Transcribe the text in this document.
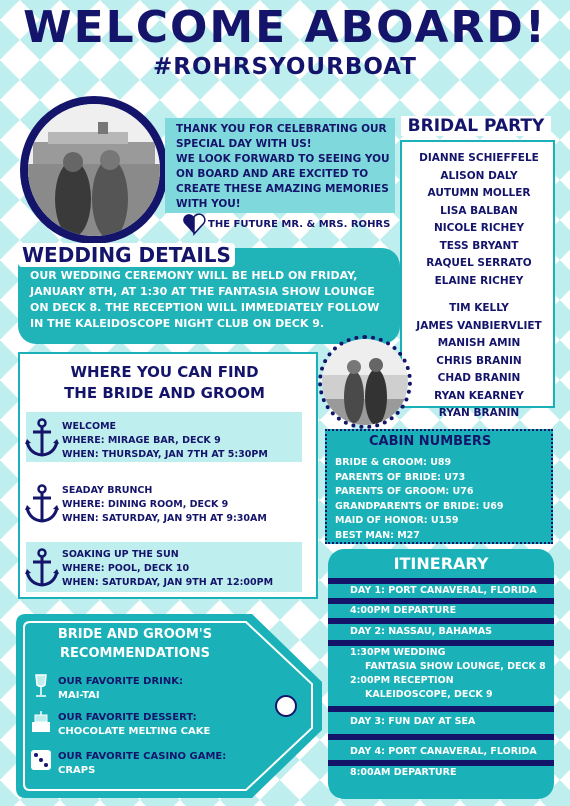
WELCOME ABOARD!
#ROHRSYOURBOAT
THANK YOU FOR CELEBRATING OUR
SPECIAL DAY WITH US!
WE LOOK FORWARD TO SEEING YOU
ON BOARD AND ARE EXCITED TO
CREATE THESE AMAZING MEMORIES
WITH YOU!
THE FUTURE MR. & MRS. ROHRS
WEDDING DETAILS
OUR WEDDING CEREMONY WILL BE HELD ON FRIDAY,
JANUARY 8TH, AT 1:30 AT THE FANTASIA SHOW LOUNGE
ON DECK 8. THE RECEPTION WILL IMMEDIATELY FOLLOW
IN THE KALEIDOSCOPE NIGHT CLUB ON DECK 9.
BRIDAL PARTY
DIANNE SCHIEFFELE
ALISON DALY
AUTUMN MOLLER
LISA BALBAN
NICOLE RICHEY
TESS BRYANT
RAQUEL SERRATO
ELAINE RICHEY
TIM KELLY
JAMES VANBIERVLIET
MANISH AMIN
CHRIS BRANIN
CHAD BRANIN
RYAN KEARNEY
RYAN BRANIN
WHERE YOU CAN FIND
THE BRIDE AND GROOM
WELCOME
WHERE: MIRAGE BAR, DECK 9
WHEN: THURSDAY, JAN 7TH AT 5:30PM
SEADAY BRUNCH
WHERE: DINING ROOM, DECK 9
WHEN: SATURDAY, JAN 9TH AT 9:30AM
SOAKING UP THE SUN
WHERE: POOL, DECK 10
WHEN: SATURDAY, JAN 9TH AT 12:00PM
CABIN NUMBERS
BRIDE & GROOM: U89
PARENTS OF BRIDE: U73
PARENTS OF GROOM: U76
GRANDPARENTS OF BRIDE: U69
MAID OF HONOR: U159
BEST MAN: M27
ITINERARY
DAY 1: PORT CANAVERAL, FLORIDA
4:00PM DEPARTURE
DAY 2: NASSAU, BAHAMAS
1:30PM WEDDING
FANTASIA SHOW LOUNGE, DECK 8
2:00PM RECEPTION
KALEIDOSCOPE, DECK 9
DAY 3: FUN DAY AT SEA
DAY 4: PORT CANAVERAL, FLORIDA
8:00AM DEPARTURE
BRIDE AND GROOM'S
RECOMMENDATIONS
OUR FAVORITE DRINK:
MAI-TAI
OUR FAVORITE DESSERT:
CHOCOLATE MELTING CAKE
OUR FAVORITE CASINO GAME:
CRAPS
